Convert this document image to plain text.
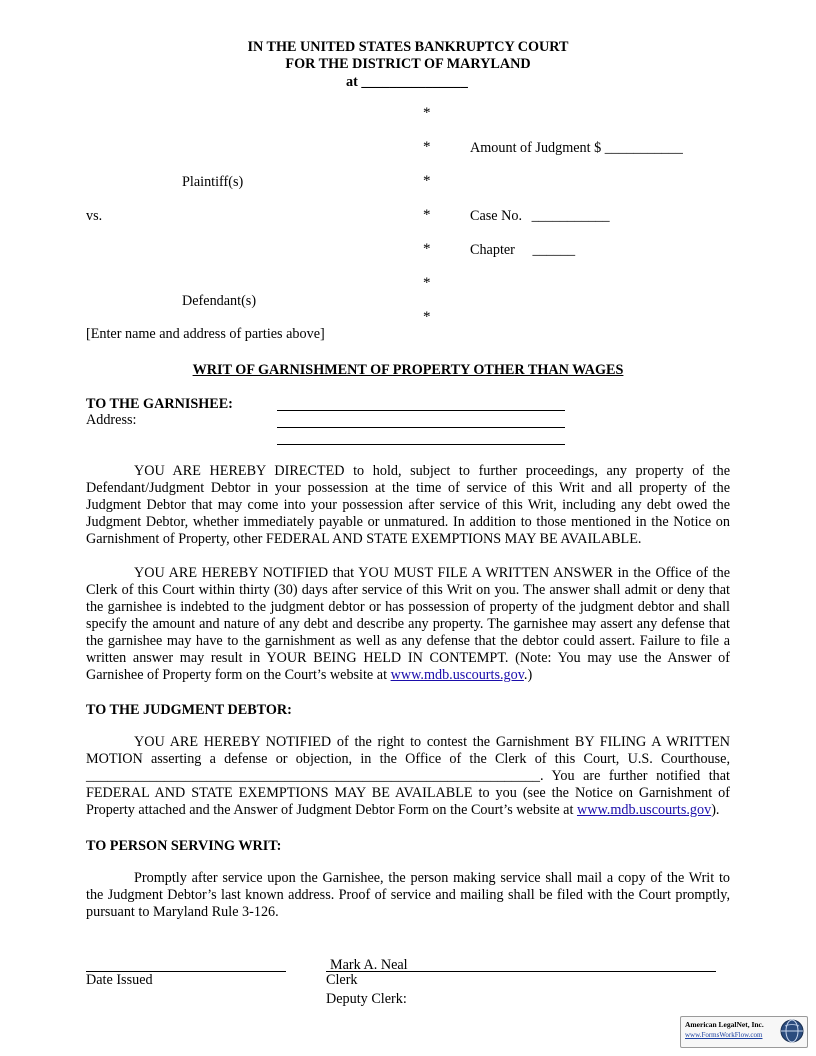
IN THE UNITED STATES BANKRUPTCY COURT
FOR THE DISTRICT OF MARYLAND
at _______________
*
*
*
*
*
*
*
Amount of Judgment $ ___________
Case No. ___________
Chapter ______
Plaintiff(s)
vs.
Defendant(s)
[Enter name and address of parties above]
WRIT OF GARNISHMENT OF PROPERTY OTHER THAN WAGES
TO THE GARNISHEE:
Address:
YOU ARE HEREBY DIRECTED to hold, subject to further proceedings, any property of the Defendant/Judgment Debtor in your possession at the time of service of this Writ and all property of the Judgment Debtor that may come into your possession after service of this Writ, including any debt owed the Judgment Debtor, whether immediately payable or unmatured. In addition to those mentioned in the Notice on Garnishment of Property, other FEDERAL AND STATE EXEMPTIONS MAY BE AVAILABLE.
YOU ARE HEREBY NOTIFIED that YOU MUST FILE A WRITTEN ANSWER in the Office of the Clerk of this Court within thirty (30) days after service of this Writ on you. The answer shall admit or deny that the garnishee is indebted to the judgment debtor or has possession of property of the judgment debtor and shall specify the amount and nature of any debt and describe any property. The garnishee may assert any defense that the garnishee may have to the garnishment as well as any defense that the debtor could assert. Failure to file a written answer may result in YOUR BEING HELD IN CONTEMPT. (Note: You may use the Answer of Garnishee of Property form on the Court’s website at www.mdb.uscourts.gov.)
TO THE JUDGMENT DEBTOR:
YOU ARE HEREBY NOTIFIED of the right to contest the Garnishment BY FILING A WRITTEN MOTION asserting a defense or objection, in the Office of the Clerk of this Court, U.S. Courthouse, ________________________________________________________________. You are further notified that FEDERAL AND STATE EXEMPTIONS MAY BE AVAILABLE to you (see the Notice on Garnishment of Property attached and the Answer of Judgment Debtor Form on the Court’s website at www.mdb.uscourts.gov).
TO PERSON SERVING WRIT:
Promptly after service upon the Garnishee, the person making service shall mail a copy of the Writ to the Judgment Debtor’s last known address. Proof of service and mailing shall be filed with the Court promptly, pursuant to Maryland Rule 3-126.
Date Issued
Mark A. Neal
Clerk
Deputy Clerk:
American LegalNet, Inc.
www.FormsWorkFlow.com
